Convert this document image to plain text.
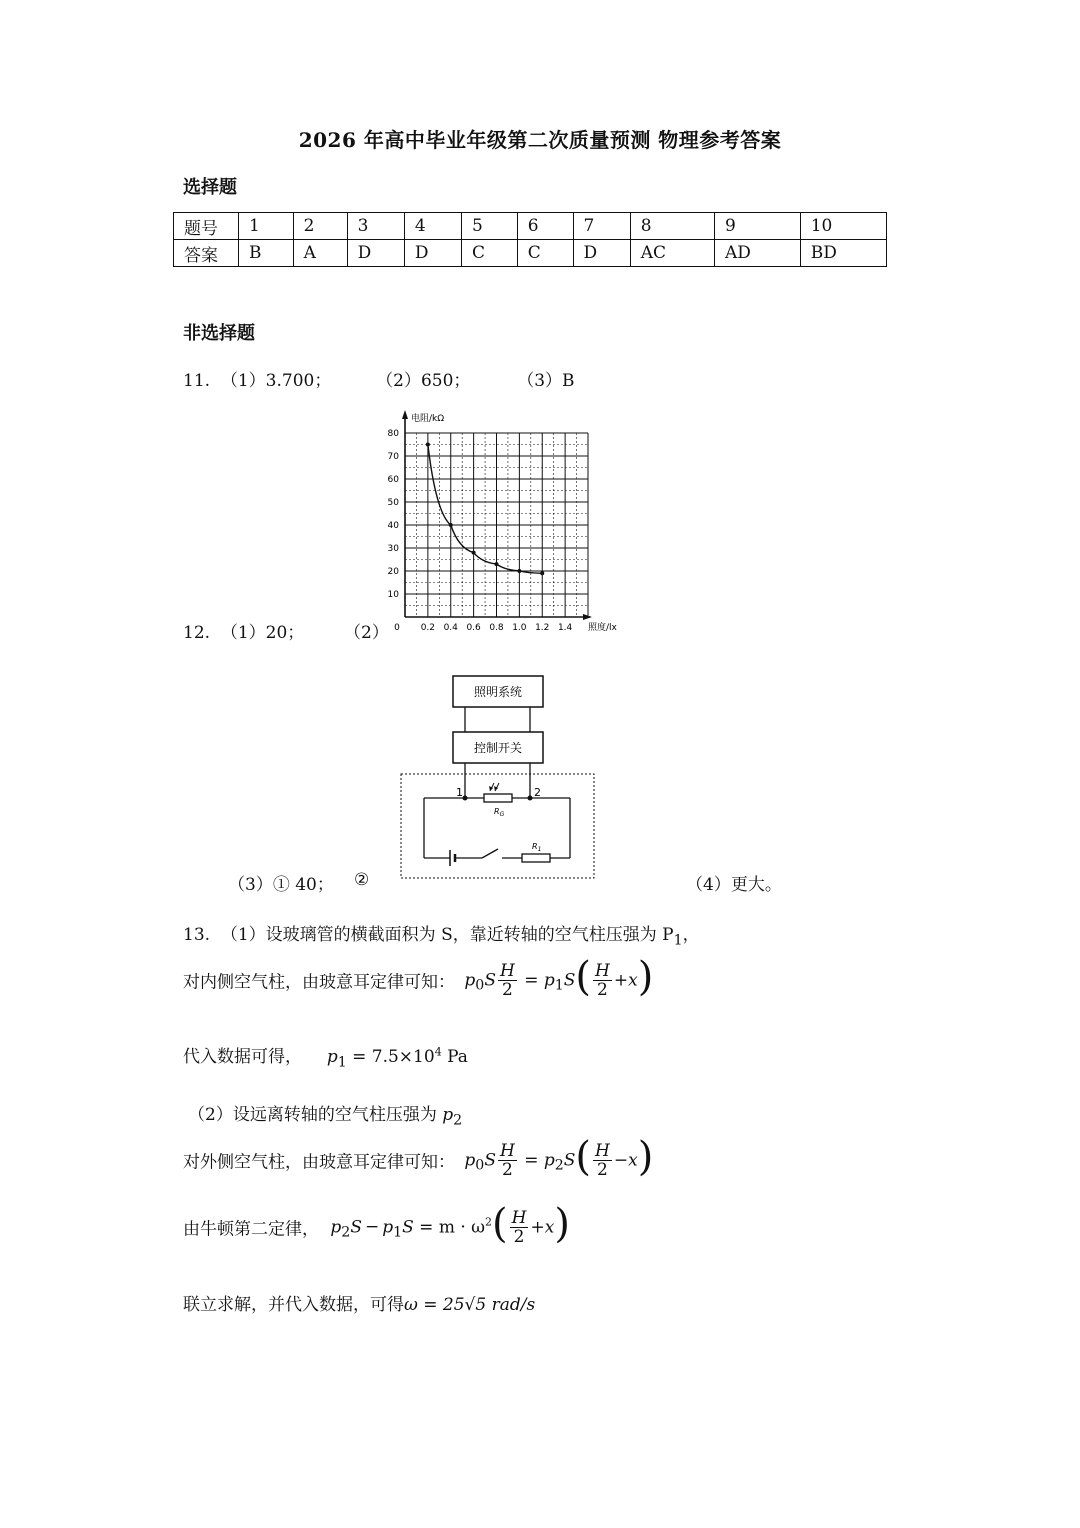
2026 年高中毕业年级第二次质量预测 物理参考答案
选择题
题号	1	2	3	4	5	6	7	8	9	10
答案	B	A	D	D	C	C	D	AC	AD	BD
非选择题
11. （1）3.700；	（2）650；	（3）B
电阻/kΩ
照度/lx
80
70
60
50
40
30
20
10
0 0.2 0.4 0.6 0.8 1.0 1.2 1.4
12. （1）20； （2）
照明系统
控制开关
1	2
$R_G$
$R_1$
（3）① 40； ②	（4）更大。
13. （1）设玻璃管的横截面积为 S，靠近转轴的空气柱压强为 $P_1$，
对内侧空气柱，由玻意耳定律可知： $p_0S \frac{H}{2} = p_1S( \frac{H}{2} +x)$
代入数据可得， $p_1 = 7.5\times 10^4$ Pa
（2）设远离转轴的空气柱压强为 $p_2$
对外侧空气柱，由玻意耳定律可知： $p_0S \frac{H}{2} = p_2S( \frac{H}{2} -x)$
由牛顿第二定律， $p_2S - p_1S = m \cdot \omega^2( \frac{H}{2} +x)$
联立求解，并代入数据，可得ω = 25√5 rad/s
